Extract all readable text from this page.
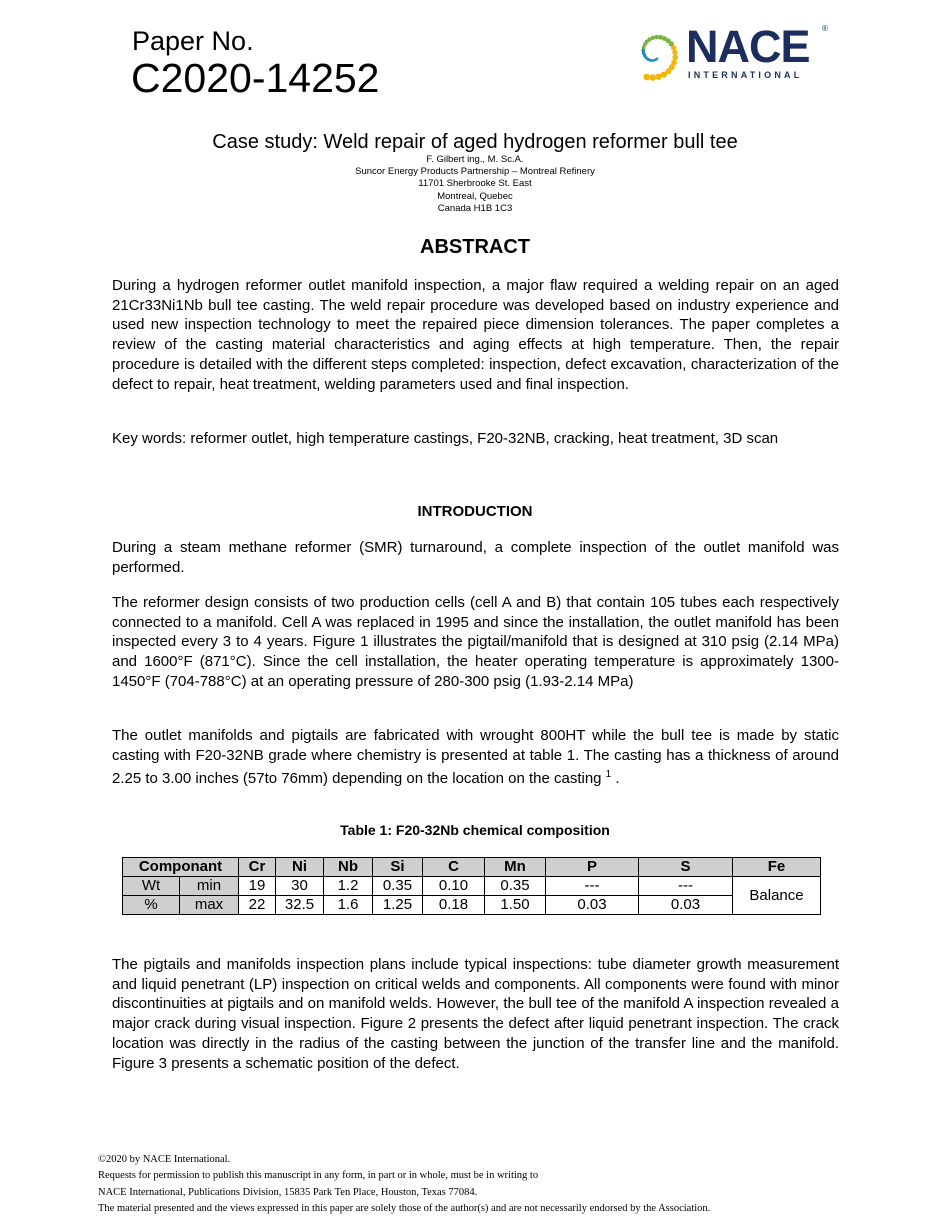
Paper No.
C2020-14252
NACE ®
INTERNATIONAL
Case study: Weld repair of aged hydrogen reformer bull tee
F. Gilbert ing., M. Sc.A.
Suncor Energy Products Partnership – Montreal Refinery
11701 Sherbrooke St. East
Montreal, Quebec
Canada H1B 1C3
ABSTRACT
During a hydrogen reformer outlet manifold inspection, a major flaw required a welding repair on an aged 21Cr33Ni1Nb bull tee casting. The weld repair procedure was developed based on industry experience and used new inspection technology to meet the repaired piece dimension tolerances. The paper completes a review of the casting material characteristics and aging effects at high temperature. Then, the repair procedure is detailed with the different steps completed: inspection, defect excavation, characterization of the defect to repair, heat treatment, welding parameters used and final inspection.
Key words: reformer outlet, high temperature castings, F20-32NB, cracking, heat treatment, 3D scan
INTRODUCTION
During a steam methane reformer (SMR) turnaround, a complete inspection of the outlet manifold was performed.
The reformer design consists of two production cells (cell A and B) that contain 105 tubes each respectively connected to a manifold. Cell A was replaced in 1995 and since the installation, the outlet manifold has been inspected every 3 to 4 years. Figure 1 illustrates the pigtail/manifold that is designed at 310 psig (2.14 MPa) and 1600°F (871°C). Since the cell installation, the heater operating temperature is approximately 1300-1450°F (704-788°C) at an operating pressure of 280-300 psig (1.93-2.14 MPa)
The outlet manifolds and pigtails are fabricated with wrought 800HT while the bull tee is made by static casting with F20-32NB grade where chemistry is presented at table 1. The casting has a thickness of around 2.25 to 3.00 inches (57to 76mm) depending on the location on the casting $^1$ .
Table 1: F20-32Nb chemical composition
Componant		Cr	Ni	Nb	Si	C	Mn	P	S	Fe
Wt	min	19	30	1.2	0.35	0.10	0.35	---	---	Balance
%	max	22	32.5	1.6	1.25	0.18	1.50	0.03	0.03	
The pigtails and manifolds inspection plans include typical inspections: tube diameter growth measurement and liquid penetrant (LP) inspection on critical welds and components. All components were found with minor discontinuities at pigtails and on manifold welds. However, the bull tee of the manifold A inspection revealed a major crack during visual inspection. Figure 2 presents the defect after liquid penetrant inspection. The crack location was directly in the radius of the casting between the junction of the transfer line and the manifold. Figure 3 presents a schematic position of the defect.
©2020 by NACE International.
Requests for permission to publish this manuscript in any form, in part or in whole, must be in writing to
NACE International, Publications Division, 15835 Park Ten Place, Houston, Texas 77084.
The material presented and the views expressed in this paper are solely those of the author(s) and are not necessarily endorsed by the Association.
